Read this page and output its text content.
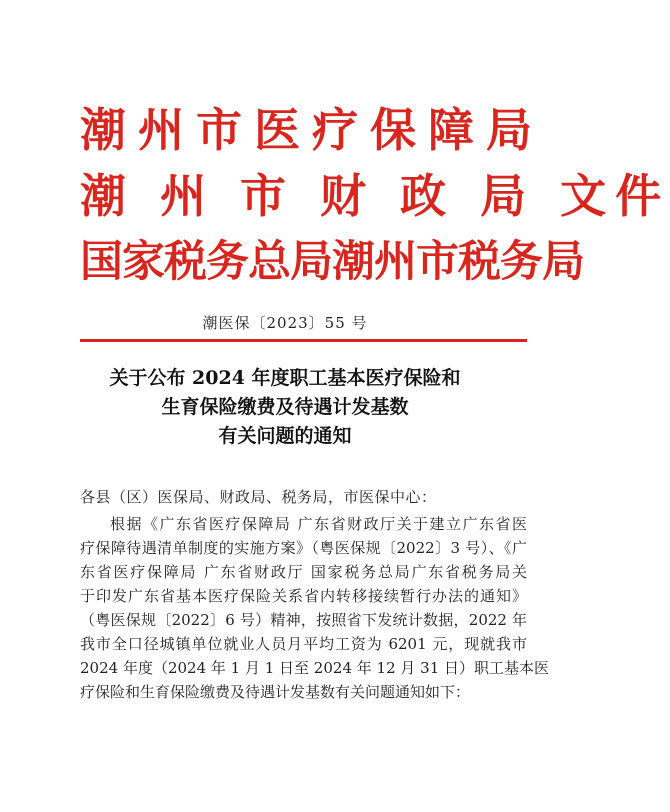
潮州市医疗保障局
潮 州 市 财 政 局 文件
国家税务总局潮州市税务局
潮医保〔2023〕55 号
关于公布 2024 年度职工基本医疗保险和
生育保险缴费及待遇计发基数
有关问题的通知
各县（区）医保局、财政局、税务局，市医保中心：
根据《广东省医疗保障局 广东省财政厅关于建立广东省医
疗保障待遇清单制度的实施方案》（粤医保规〔2022〕3 号）、《广
东省医疗保障局 广东省财政厅 国家税务总局广东省税务局关
于印发广东省基本医疗保险关系省内转移接续暂行办法的通知》
（粤医保规〔2022〕6 号）精神，按照省下发统计数据，2022 年
我市全口径城镇单位就业人员月平均工资为 6201 元，现就我市
2024 年度（2024 年 1 月 1 日至 2024 年 12 月 31 日）职工基本医
疗保险和生育保险缴费及待遇计发基数有关问题通知如下：
